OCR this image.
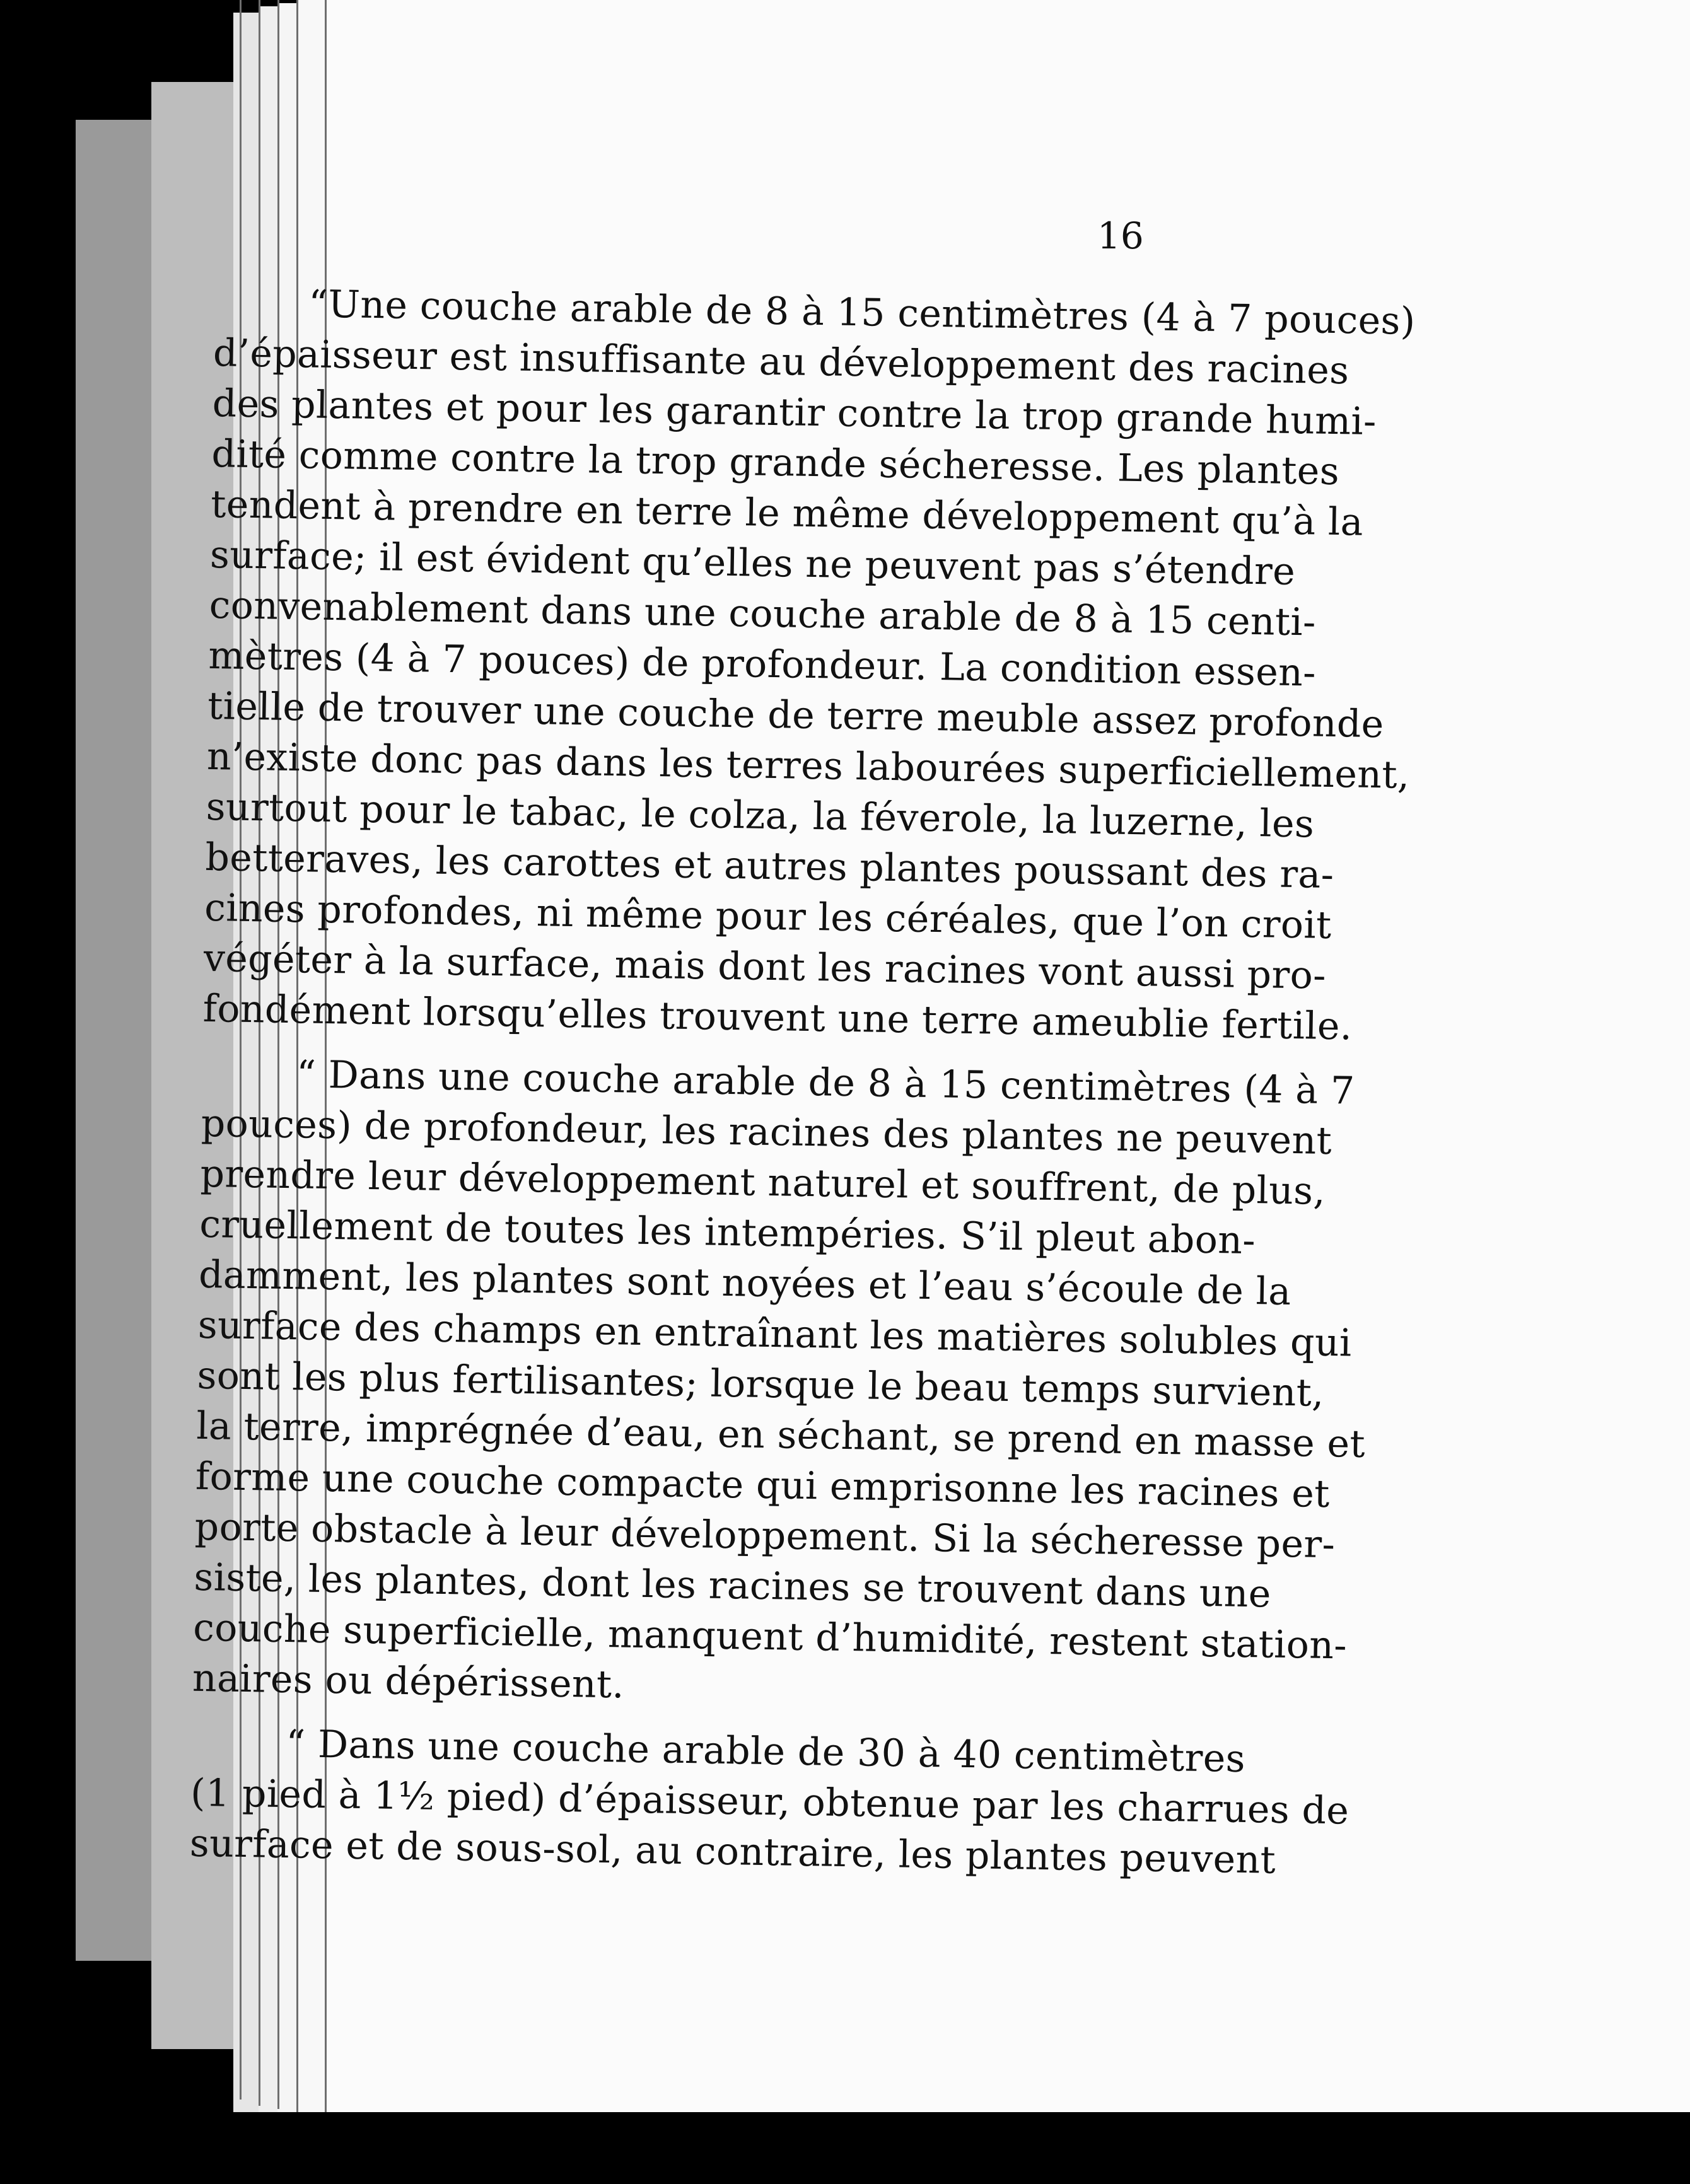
16
“Une couche arable de 8 à 15 centimètres (4 à 7 pouces)
d’épaisseur est insuffisante au développement des racines
des plantes et pour les garantir contre la trop grande humi-
dité comme contre la trop grande sécheresse. Les plantes
tendent à prendre en terre le même développement qu’à la
surface; il est évident qu’elles ne peuvent pas s’étendre
convenablement dans une couche arable de 8 à 15 centi-
mètres (4 à 7 pouces) de profondeur. La condition essen-
tielle de trouver une couche de terre meuble assez profonde
n’existe donc pas dans les terres labourées superficiellement,
surtout pour le tabac, le colza, la féverole, la luzerne, les
betteraves, les carottes et autres plantes poussant des ra-
cines profondes, ni même pour les céréales, que l’on croit
végéter à la surface, mais dont les racines vont aussi pro-
fondément lorsqu’elles trouvent une terre ameublie fertile.
“ Dans une couche arable de 8 à 15 centimètres (4 à 7
pouces) de profondeur, les racines des plantes ne peuvent
prendre leur développement naturel et souffrent, de plus,
cruellement de toutes les intempéries. S’il pleut abon-
damment, les plantes sont noyées et l’eau s’écoule de la
surface des champs en entraînant les matières solubles qui
sont les plus fertilisantes; lorsque le beau temps survient,
la terre, imprégnée d’eau, en séchant, se prend en masse et
forme une couche compacte qui emprisonne les racines et
porte obstacle à leur développement. Si la sécheresse per-
siste, les plantes, dont les racines se trouvent dans une
couche superficielle, manquent d’humidité, restent station-
naires ou dépérissent.
“ Dans une couche arable de 30 à 40 centimètres
(1 pied à 1½ pied) d’épaisseur, obtenue par les charrues de
surface et de sous-sol, au contraire, les plantes peuvent
